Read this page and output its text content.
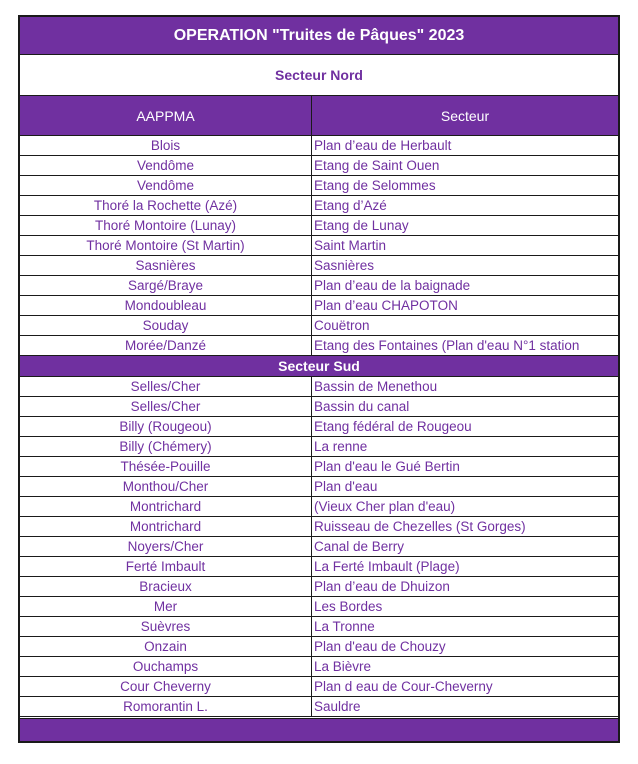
OPERATION "Truites de Pâques" 2023
Secteur Nord
AAPPMA	Secteur
Blois	Plan d’eau de Herbault
Vendôme	Etang de Saint Ouen
Vendôme	Etang de Selommes
Thoré la Rochette (Azé)	Etang d’Azé
Thoré Montoire (Lunay)	Etang de Lunay
Thoré Montoire (St Martin)	Saint Martin
Sasnières	Sasnières
Sargé/Braye	Plan d’eau de la baignade
Mondoubleau	Plan d’eau CHAPOTON
Souday	Couëtron
Morée/Danzé	Etang des Fontaines (Plan d'eau N°1 station
Secteur Sud
Selles/Cher	Bassin de Menethou
Selles/Cher	Bassin du canal
Billy (Rougeou)	Etang fédéral de Rougeou
Billy (Chémery)	La renne
Thésée-Pouille	Plan d'eau le Gué Bertin
Monthou/Cher	Plan d'eau
Montrichard	(Vieux Cher plan d'eau)
Montrichard	Ruisseau de Chezelles (St Gorges)
Noyers/Cher	Canal de Berry
Ferté Imbault	La Ferté Imbault (Plage)
Bracieux	Plan d’eau de Dhuizon
Mer	Les Bordes
Suèvres	La Tronne
Onzain	Plan d'eau de Chouzy
Ouchamps	La Bièvre
Cour Cheverny	Plan d eau de Cour-Cheverny
Romorantin L.	Sauldre
